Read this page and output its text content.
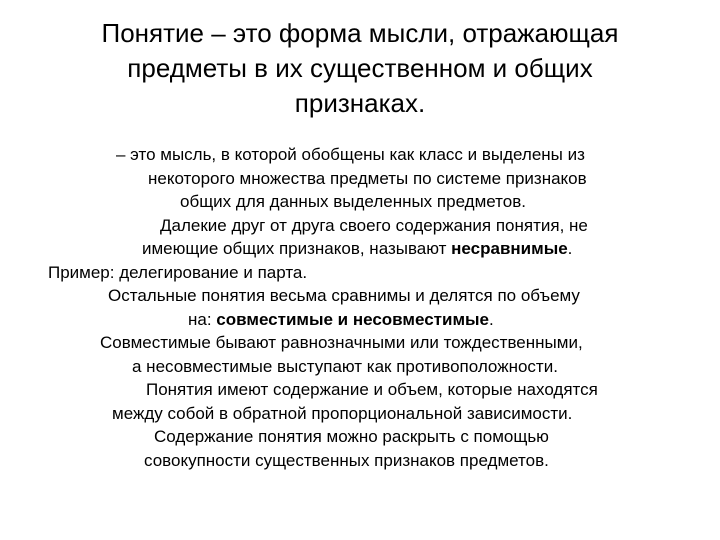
Понятие – это форма мысли, отражающая
предметы в их существенном и общих
признаках.
– это мысль, в которой обобщены как класс и выделены из
некоторого множества предметы по системе признаков
общих для данных выделенных предметов.
Далекие друг от друга своего содержания понятия, не
имеющие общих признаков, называют несравнимые.
Пример: делегирование и парта.
Остальные понятия весьма сравнимы и делятся по объему
на: совместимые и несовместимые.
Совместимые бывают равнозначными или тождественными,
а несовместимые выступают как противоположности.
Понятия имеют содержание и объем, которые находятся
между собой в обратной пропорциональной зависимости.
Содержание понятия можно раскрыть с помощью
совокупности существенных признаков предметов.
